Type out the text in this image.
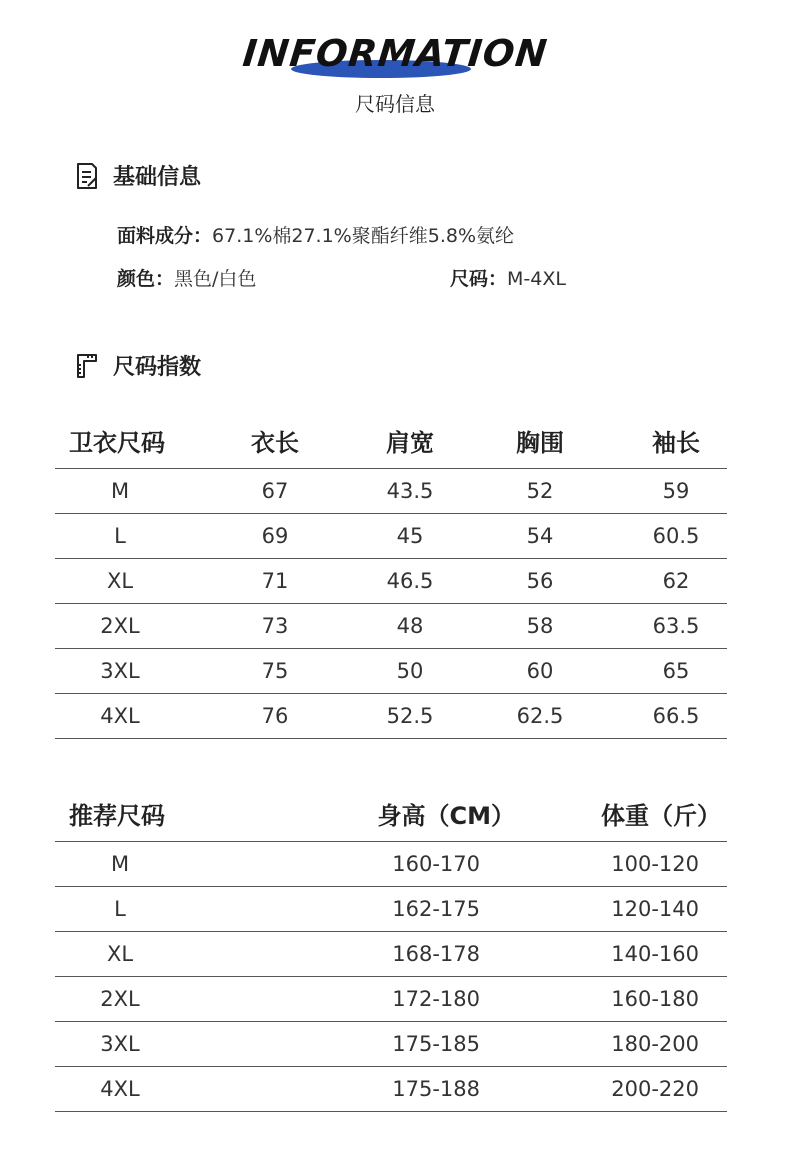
INFORMATION
尺码信息
基础信息
面料成分：67.1%棉27.1%聚酯纤维5.8%氨纶
颜色：黑色/白色	尺码：M-4XL
尺码指数
卫衣尺码	衣长	肩宽	胸围	袖长
M	67	43.5	52	59
L	69	45	54	60.5
XL	71	46.5	56	62
2XL	73	48	58	63.5
3XL	75	50	60	65
4XL	76	52.5	62.5	66.5
推荐尺码	身高（CM）	体重（斤）
M	160-170	100-120
L	162-175	120-140
XL	168-178	140-160
2XL	172-180	160-180
3XL	175-185	180-200
4XL	175-188	200-220
